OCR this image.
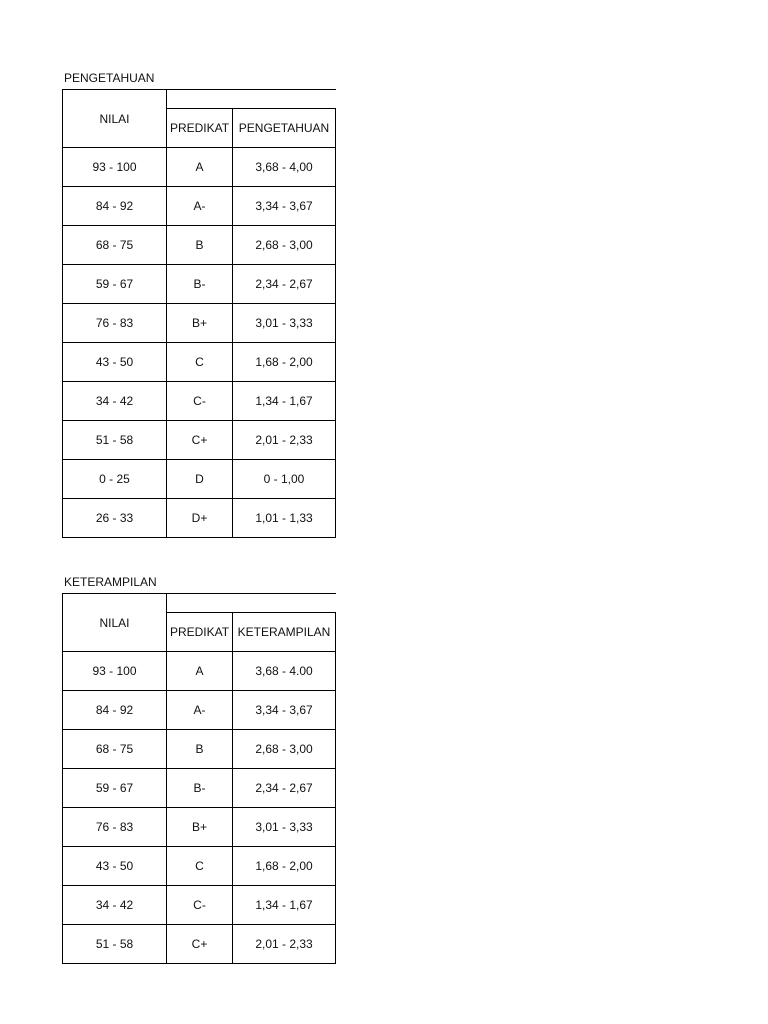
PENGETAHUAN
NILAI		
	PREDIKAT	PENGETAHUAN
93 - 100	A	3,68 - 4,00
84 - 92	A-	3,34 - 3,67
68 - 75	B	2,68 - 3,00
59 - 67	B-	2,34 - 2,67
76 - 83	B+	3,01 - 3,33
43 - 50	C	1,68 - 2,00
34 - 42	C-	1,34 - 1,67
51 - 58	C+	2,01 - 2,33
0 - 25	D	0 - 1,00
26 - 33	D+	1,01 - 1,33
KETERAMPILAN
NILAI		
	PREDIKAT	KETERAMPILAN
93 - 100	A	3,68 - 4.00
84 - 92	A-	3,34 - 3,67
68 - 75	B	2,68 - 3,00
59 - 67	B-	2,34 - 2,67
76 - 83	B+	3,01 - 3,33
43 - 50	C	1,68 - 2,00
34 - 42	C-	1,34 - 1,67
51 - 58	C+	2,01 - 2,33
